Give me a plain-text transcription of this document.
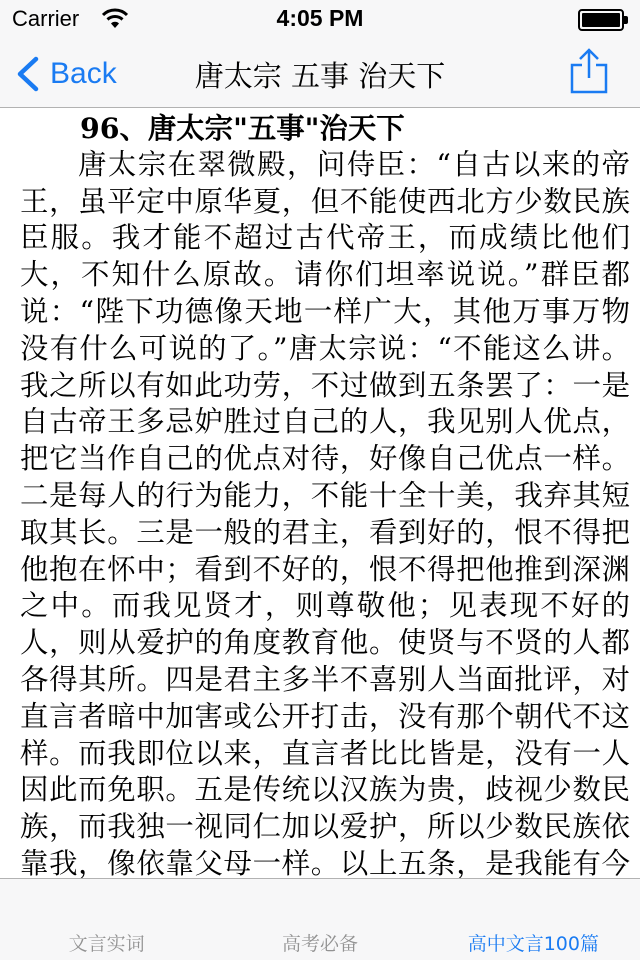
Carrier	4:05 PM
Back	唐太宗 五事 治天下

96、唐太宗"五事"治天下

唐太宗在翠微殿，问侍臣：“自古以来的帝王，虽平定中原华夏，但不能使西北方少数民族臣服。我才能不超过古代帝王，而成绩比他们大，不知什么原故。请你们坦率说说。”群臣都说：“陛下功德像天地一样广大，其他万事万物没有什么可说的了。”唐太宗说：“不能这么讲。我之所以有如此功劳，不过做到五条罢了：一是自古帝王多忌妒胜过自己的人，我见别人优点，把它当作自己的优点对待，好像自己优点一样。二是每人的行为能力，不能十全十美，我弃其短取其长。三是一般的君主，看到好的，恨不得把他抱在怀中；看到不好的，恨不得把他推到深渊之中。而我见贤才，则尊敬他；见表现不好的人，则从爱护的角度教育他。使贤与不贤的人都各得其所。四是君主多半不喜别人当面批评，对直言者暗中加害或公开打击，没有那个朝代不这样。而我即位以来，直言者比比皆是，没有一人因此而免职。五是传统以汉族为贵，歧视少数民族，而我独一视同仁加以爱护，所以少数民族依靠我，像依靠父母一样。以上五条，是我能有今

文言实词	高考必备	高中文言100篇
